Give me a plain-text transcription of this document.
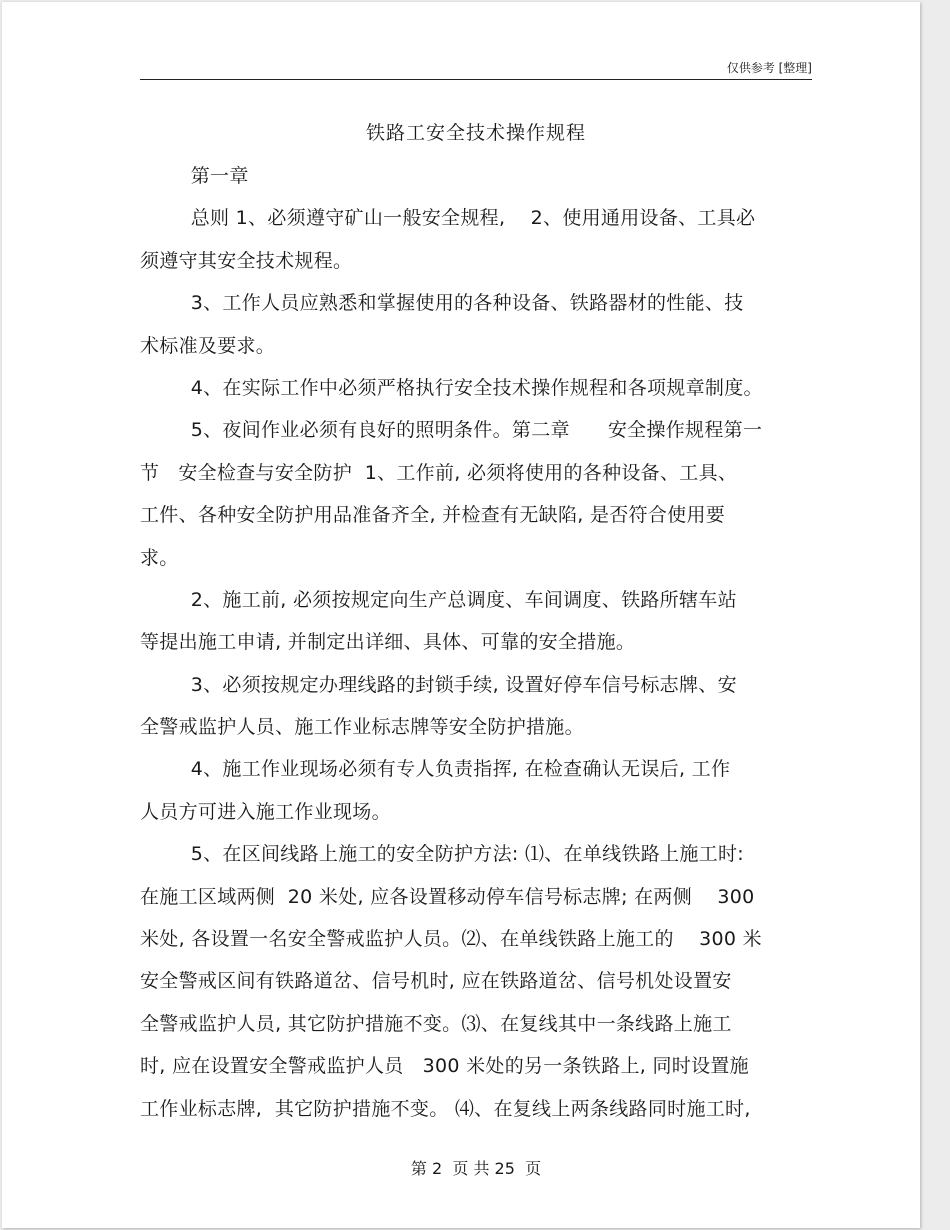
仅供参考 [整理]
铁路工安全技术操作规程
第一章
总则 1、必须遵守矿山一般安全规程,    2、使用通用设备、工具必
须遵守其安全技术规程。
3、工作人员应熟悉和掌握使用的各种设备、铁路器材的性能、技
术标准及要求。
4、在实际工作中必须严格执行安全技术操作规程和各项规章制度。
5、夜间作业必须有良好的照明条件。第二章      安全操作规程第一
节   安全检查与安全防护  1、工作前, 必须将使用的各种设备、工具、
工件、各种安全防护用品准备齐全, 并检查有无缺陷, 是否符合使用要
求。
2、施工前, 必须按规定向生产总调度、车间调度、铁路所辖车站
等提出施工申请, 并制定出详细、具体、可靠的安全措施。
3、必须按规定办理线路的封锁手续, 设置好停车信号标志牌、安
全警戒监护人员、施工作业标志牌等安全防护措施。
4、施工作业现场必须有专人负责指挥, 在检查确认无误后, 工作
人员方可进入施工作业现场。
5、在区间线路上施工的安全防护方法: ⑴、在单线铁路上施工时:
在施工区域两侧  20 米处, 应各设置移动停车信号标志牌; 在两侧    300
米处, 各设置一名安全警戒监护人员。⑵、在单线铁路上施工的    300 米
安全警戒区间有铁路道岔、信号机时, 应在铁路道岔、信号机处设置安
全警戒监护人员, 其它防护措施不变。⑶、在复线其中一条线路上施工
时, 应在设置安全警戒监护人员   300 米处的另一条铁路上, 同时设置施
工作业标志牌,  其它防护措施不变。 ⑷、在复线上两条线路同时施工时,
第 2  页 共 25  页
